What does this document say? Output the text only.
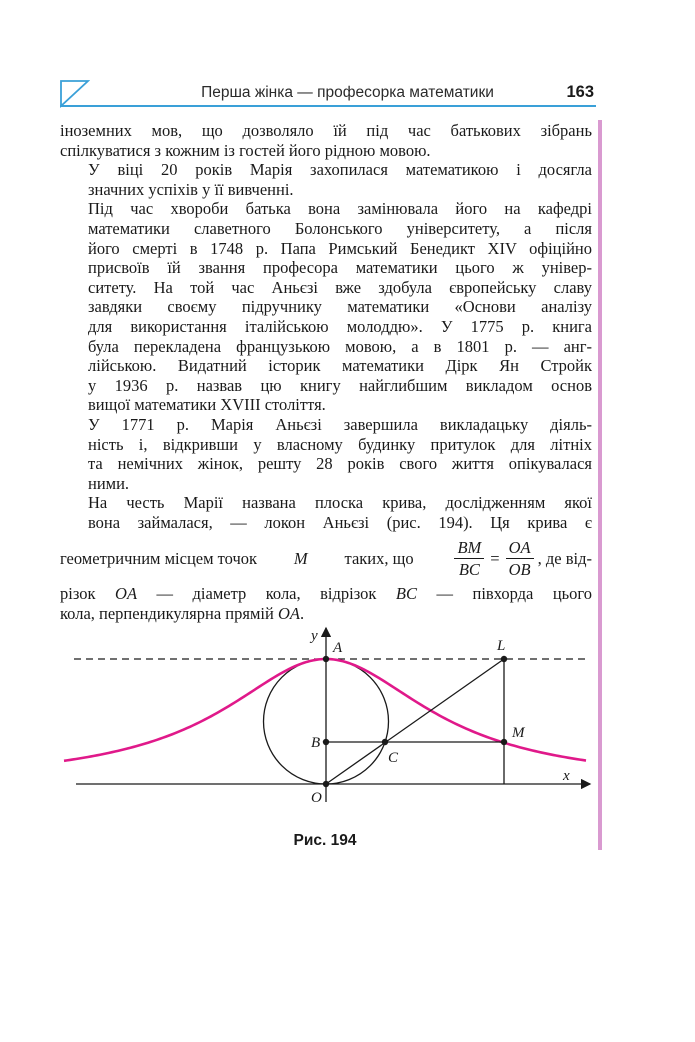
Перша жінка — професорка математики	163

іноземних мов, що дозволяло їй під час батькових зібрань
спілкуватися з кожним із гостей його рідною мовою.

У віці 20 років Марія захопилася математикою і досягла
значних успіхів у її вивченні.

Під час хвороби батька вона замінювала його на кафедрі
математики славетного Болонського університету, а після
його смерті в 1748 р. Папа Римський Бенедикт XIV офіційно
присвоїв їй звання професора математики цього ж універ-
ситету. На той час Аньєзі вже здобула європейську славу
завдяки своєму підручнику математики «Основи аналізу
для використання італійською молоддю». У 1775 р. книга
була перекладена французькою мовою, а в 1801 р. — анг-
лійською. Видатний історик математики Дірк Ян Стройк
у 1936 р. назвав цю книгу найглибшим викладом основ
вищої математики XVIII століття.

У 1771 р. Марія Аньєзі завершила викладацьку діяль-
ність і, відкривши у власному будинку притулок для літніх
та немічних жінок, решту 28 років свого життя опікувалася
ними.

На честь Марії названа плоска крива, дослідженням якої
вона займалася, — локон Аньєзі (рис. 194). Ця крива є

геометричним місцем точок M таких, що $\frac{BM}{BC} = \frac{OA}{OB}$ , де від-
різок OA — діаметр кола, відрізок BC — півхорда цього
кола, перпендикулярна прямій OA.
y
x
A
B
C
O
L
M
Рис. 194
